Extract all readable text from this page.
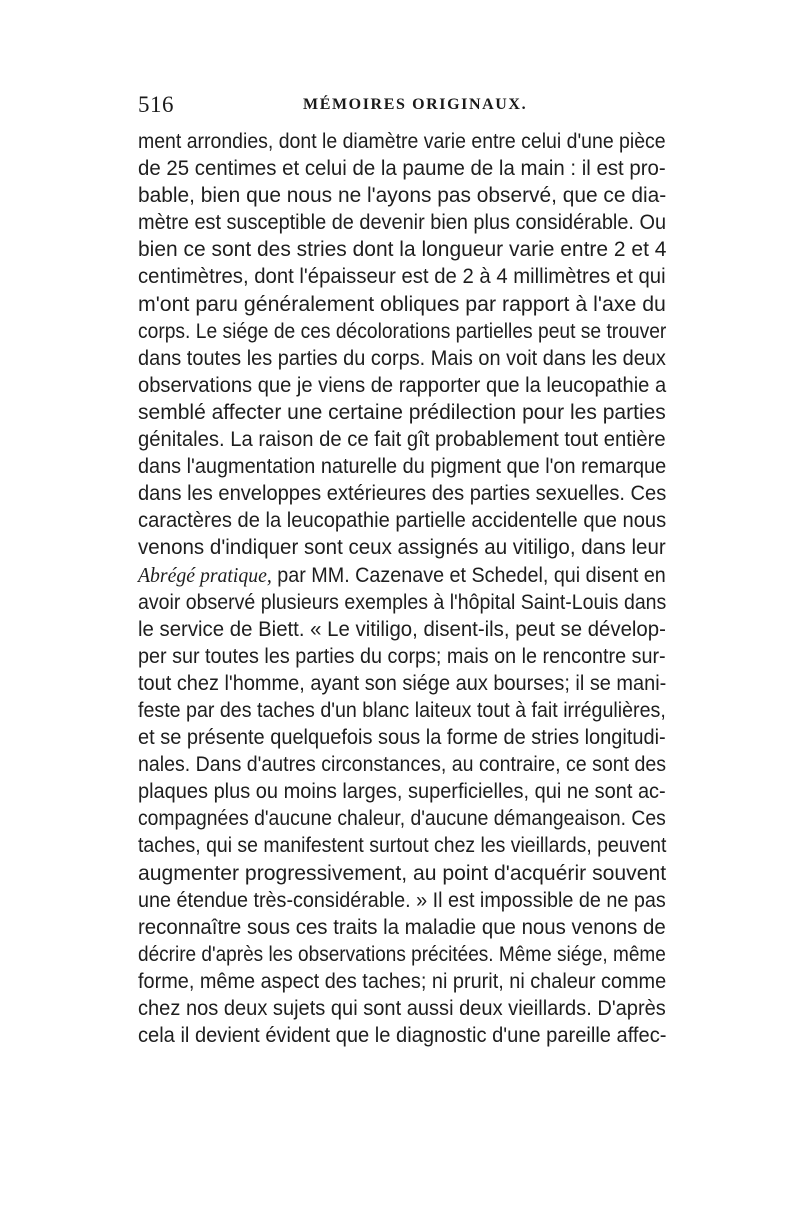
516	MÉMOIRES ORIGINAUX.
ment arrondies, dont le diamètre varie entre celui d'une pièce
de 25 centimes et celui de la paume de la main : il est pro-
bable, bien que nous ne l'ayons pas observé, que ce dia-
mètre est susceptible de devenir bien plus considérable. Ou
bien ce sont des stries dont la longueur varie entre 2 et 4
centimètres, dont l'épaisseur est de 2 à 4 millimètres et qui
m'ont paru généralement obliques par rapport à l'axe du
corps. Le siége de ces décolorations partielles peut se trouver
dans toutes les parties du corps. Mais on voit dans les deux
observations que je viens de rapporter que la leucopathie a
semblé affecter une certaine prédilection pour les parties
génitales. La raison de ce fait gît probablement tout entière
dans l'augmentation naturelle du pigment que l'on remarque
dans les enveloppes extérieures des parties sexuelles. Ces
caractères de la leucopathie partielle accidentelle que nous
venons d'indiquer sont ceux assignés au vitiligo, dans leur
Abrégé pratique, par MM. Cazenave et Schedel, qui disent en
avoir observé plusieurs exemples à l'hôpital Saint-Louis dans
le service de Biett. « Le vitiligo, disent-ils, peut se dévelop-
per sur toutes les parties du corps; mais on le rencontre sur-
tout chez l'homme, ayant son siége aux bourses; il se mani-
feste par des taches d'un blanc laiteux tout à fait irrégulières,
et se présente quelquefois sous la forme de stries longitudi-
nales. Dans d'autres circonstances, au contraire, ce sont des
plaques plus ou moins larges, superficielles, qui ne sont ac-
compagnées d'aucune chaleur, d'aucune démangeaison. Ces
taches, qui se manifestent surtout chez les vieillards, peuvent
augmenter progressivement, au point d'acquérir souvent
une étendue très-considérable. » Il est impossible de ne pas
reconnaître sous ces traits la maladie que nous venons de
décrire d'après les observations précitées. Même siége, même
forme, même aspect des taches; ni prurit, ni chaleur comme
chez nos deux sujets qui sont aussi deux vieillards. D'après
cela il devient évident que le diagnostic d'une pareille affec-
